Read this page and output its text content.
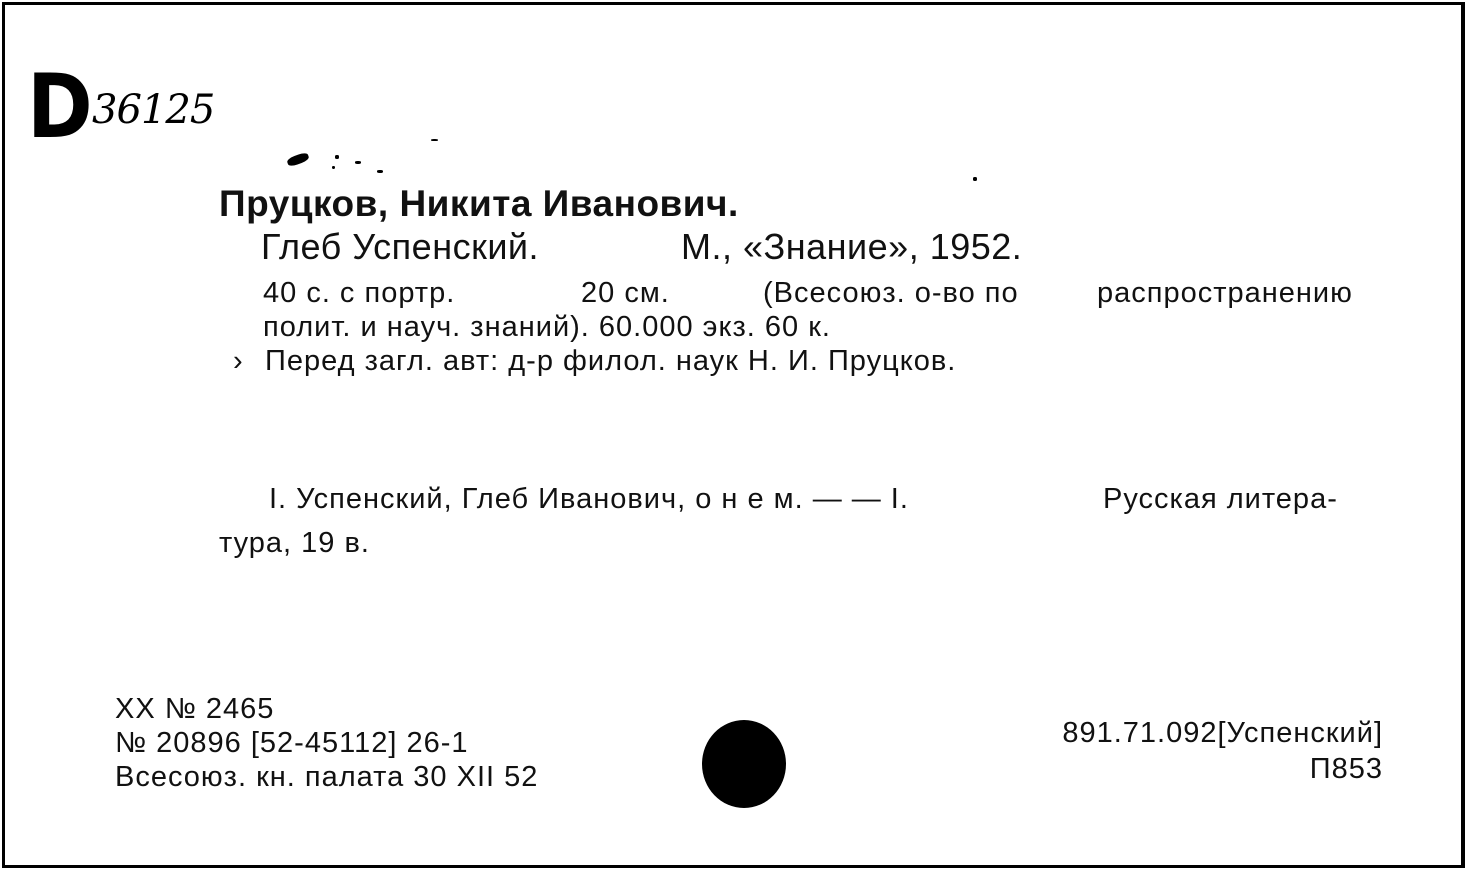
D 36125
Пруцков, Никита Иванович.
Глеб Успенский.	М., «Знание», 1952.
40 с. с портр.	20 см.	(Всесоюз. о-во по	распространению
полит. и науч. знаний). 60.000 экз. 60 к.
› Перед загл. авт: д-р филол. наук Н. И. Пруцков.
I. Успенский, Глеб Иванович, о н е м. — — I.	Русская литера-
тура, 19 в.
XX № 2465
№ 20896 [52-45112] 26-1
Всесоюз. кн. палата 30 XII 52
891.71.092[Успенский]
П853
